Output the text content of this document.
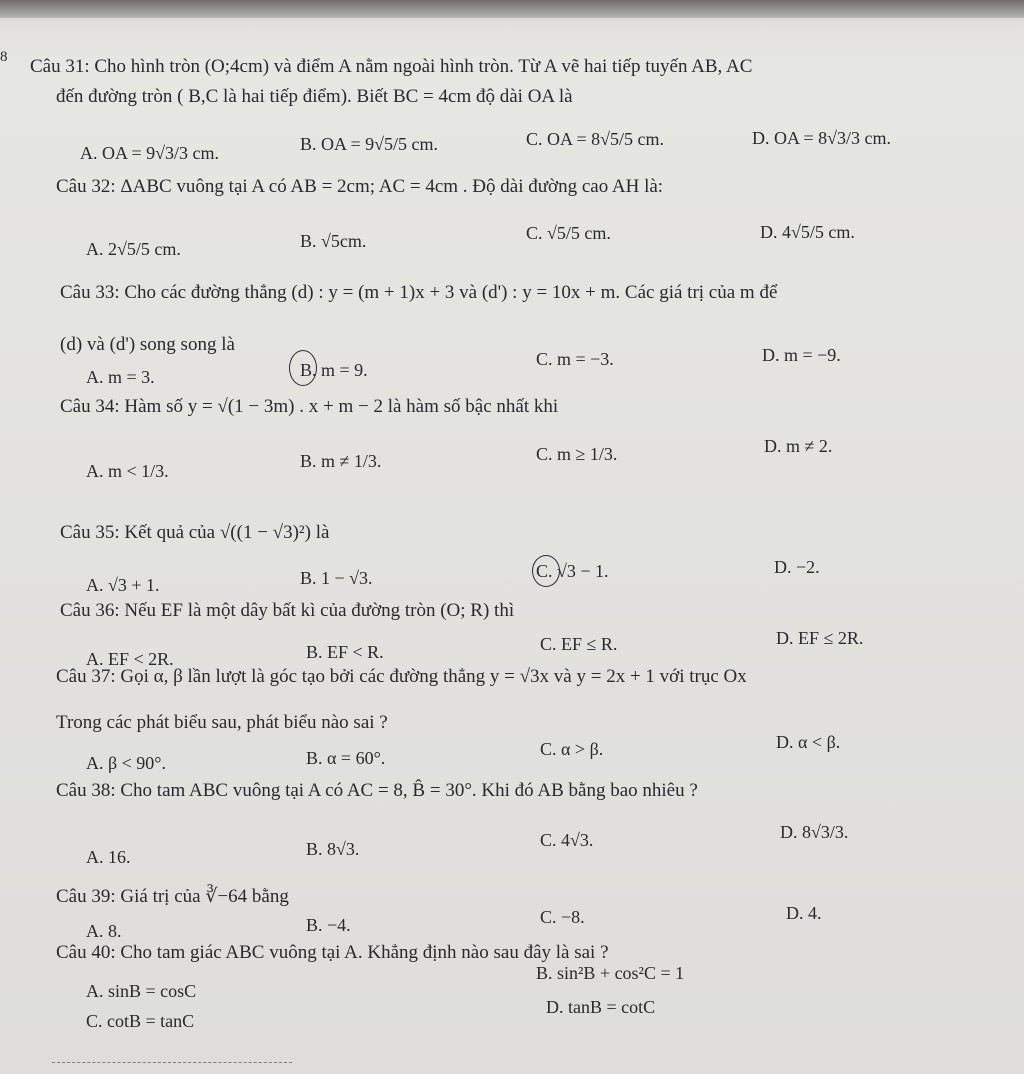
8 Câu 31: Cho hình tròn (O;4cm) và điểm A nằm ngoài hình tròn. Từ A vẽ hai tiếp tuyến AB, AC
đến đường tròn ( B,C là hai tiếp điểm). Biết BC = 4cm độ dài OA là
A. OA = 9√3/3 cm.	B. OA = 9√5/5 cm.	C. OA = 8√5/5 cm.	D. OA = 8√3/3 cm.
Câu 32: ΔABC vuông tại A có AB = 2cm; AC = 4cm . Độ dài đường cao AH là:
A. 2√5/5 cm.	B. √5cm.	C. √5/5 cm.	D. 4√5/5 cm.
Câu 33: Cho các đường thẳng (d) : y = (m + 1)x + 3 và (d') : y = 10x + m. Các giá trị của m để
(d) và (d') song song là
A. m = 3.	B. m = 9.
C. m = −3.	D. m = −9.
Câu 34: Hàm số y = √(1 − 3m) . x + m − 2 là hàm số bậc nhất khi
A. m < 1/3.	B. m ≠ 1/3.	C. m ≥ 1/3.	D. m ≠ 2.
Câu 35: Kết quả của √((1 − √3)²) là
A. √3 + 1.	B. 1 − √3.	C. √3 − 1.	D. −2.
Câu 36: Nếu EF là một dây bất kì của đường tròn (O; R) thì
A. EF < 2R.	B. EF < R.	C. EF ≤ R.	D. EF ≤ 2R.
Câu 37: Gọi α, β lần lượt là góc tạo bởi các đường thẳng y = √3x và y = 2x + 1 với trục Ox
Trong các phát biểu sau, phát biểu nào sai ?
A. β < 90°.	B. α = 60°.	C. α > β.	D. α < β.
Câu 38: Cho tam ABC vuông tại A có AC = 8, B̂ = 30°. Khi đó AB bằng bao nhiêu ?
A. 16.	B. 8√3.	C. 4√3.	D. 8√3/3.
Câu 39: Giá trị của ∛−64 bằng
A. 8.	B. −4.	C. −8.	D. 4.
Câu 40: Cho tam giác ABC vuông tại A. Khẳng định nào sau đây là sai ?
A. sinB = cosC
B. sin²B + cos²C = 1
C. cotB = tanC
D. tanB = cotC
